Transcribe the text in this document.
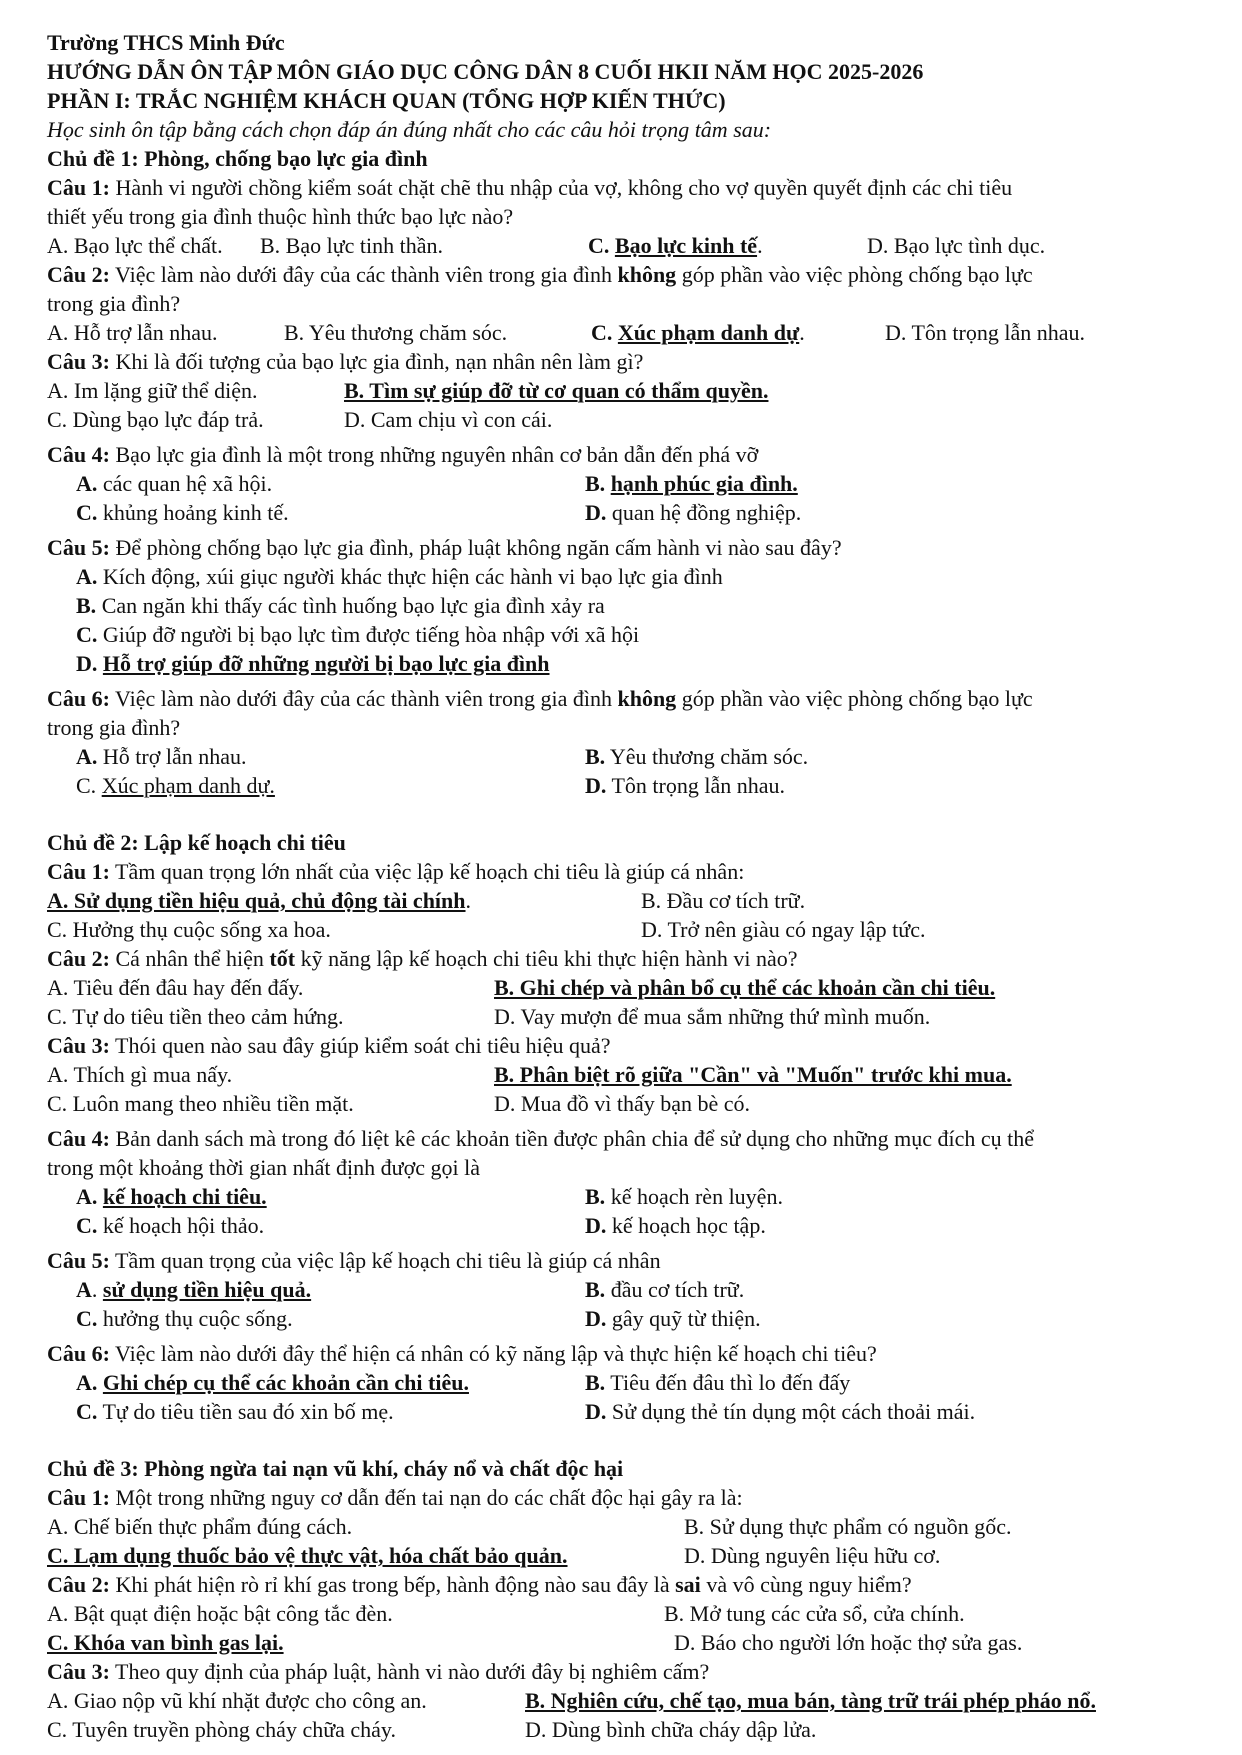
Trường THCS Minh Đức
HƯỚNG DẪN ÔN TẬP MÔN GIÁO DỤC CÔNG DÂN 8 CUỐI HKII NĂM HỌC 2025-2026
PHẦN I: TRẮC NGHIỆM KHÁCH QUAN (TỔNG HỢP KIẾN THỨC)
Học sinh ôn tập bằng cách chọn đáp án đúng nhất cho các câu hỏi trọng tâm sau:
Chủ đề 1: Phòng, chống bạo lực gia đình
Câu 1: Hành vi người chồng kiểm soát chặt chẽ thu nhập của vợ, không cho vợ quyền quyết định các chi tiêu
thiết yếu trong gia đình thuộc hình thức bạo lực nào?
A. Bạo lực thể chất. B. Bạo lực tinh thần.	C. Bạo lực kinh tế.	D. Bạo lực tình dục.
Câu 2: Việc làm nào dưới đây của các thành viên trong gia đình không góp phần vào việc phòng chống bạo lực
trong gia đình?
A. Hỗ trợ lẫn nhau.	B. Yêu thương chăm sóc.	C. Xúc phạm danh dự.	D. Tôn trọng lẫn nhau.
Câu 3: Khi là đối tượng của bạo lực gia đình, nạn nhân nên làm gì?
A. Im lặng giữ thể diện.	B. Tìm sự giúp đỡ từ cơ quan có thẩm quyền.
C. Dùng bạo lực đáp trả.	D. Cam chịu vì con cái.
Câu 4: Bạo lực gia đình là một trong những nguyên nhân cơ bản dẫn đến phá vỡ
A. các quan hệ xã hội.	B. hạnh phúc gia đình.
C. khủng hoảng kinh tế.	D. quan hệ đồng nghiệp.
Câu 5: Để phòng chống bạo lực gia đình, pháp luật không ngăn cấm hành vi nào sau đây?
A. Kích động, xúi giục người khác thực hiện các hành vi bạo lực gia đình
B. Can ngăn khi thấy các tình huống bạo lực gia đình xảy ra
C. Giúp đỡ người bị bạo lực tìm được tiếng hòa nhập với xã hội
D. Hỗ trợ giúp đỡ những người bị bạo lực gia đình
Câu 6: Việc làm nào dưới đây của các thành viên trong gia đình không góp phần vào việc phòng chống bạo lực
trong gia đình?
A. Hỗ trợ lẫn nhau.	B. Yêu thương chăm sóc.
C. Xúc phạm danh dự.	D. Tôn trọng lẫn nhau.
Chủ đề 2: Lập kế hoạch chi tiêu
Câu 1: Tầm quan trọng lớn nhất của việc lập kế hoạch chi tiêu là giúp cá nhân:
A. Sử dụng tiền hiệu quả, chủ động tài chính.	B. Đầu cơ tích trữ.
C. Hưởng thụ cuộc sống xa hoa.	D. Trở nên giàu có ngay lập tức.
Câu 2: Cá nhân thể hiện tốt kỹ năng lập kế hoạch chi tiêu khi thực hiện hành vi nào?
A. Tiêu đến đâu hay đến đấy.	B. Ghi chép và phân bổ cụ thể các khoản cần chi tiêu.
C. Tự do tiêu tiền theo cảm hứng.	D. Vay mượn để mua sắm những thứ mình muốn.
Câu 3: Thói quen nào sau đây giúp kiểm soát chi tiêu hiệu quả?
A. Thích gì mua nấy.	B. Phân biệt rõ giữa "Cần" và "Muốn" trước khi mua.
C. Luôn mang theo nhiều tiền mặt.	D. Mua đồ vì thấy bạn bè có.
Câu 4: Bản danh sách mà trong đó liệt kê các khoản tiền được phân chia để sử dụng cho những mục đích cụ thể
trong một khoảng thời gian nhất định được gọi là
A. kế hoạch chi tiêu.	B. kế hoạch rèn luyện.
C. kế hoạch hội thảo.	D. kế hoạch học tập.
Câu 5: Tầm quan trọng của việc lập kế hoạch chi tiêu là giúp cá nhân
A. sử dụng tiền hiệu quả.	B. đầu cơ tích trữ.
C. hưởng thụ cuộc sống.	D. gây quỹ từ thiện.
Câu 6: Việc làm nào dưới đây thể hiện cá nhân có kỹ năng lập và thực hiện kế hoạch chi tiêu?
A. Ghi chép cụ thể các khoản cần chi tiêu.	B. Tiêu đến đâu thì lo đến đấy
C. Tự do tiêu tiền sau đó xin bố mẹ.	D. Sử dụng thẻ tín dụng một cách thoải mái.
Chủ đề 3: Phòng ngừa tai nạn vũ khí, cháy nổ và chất độc hại
Câu 1: Một trong những nguy cơ dẫn đến tai nạn do các chất độc hại gây ra là:
A. Chế biến thực phẩm đúng cách.	B. Sử dụng thực phẩm có nguồn gốc.
C. Lạm dụng thuốc bảo vệ thực vật, hóa chất bảo quản.	D. Dùng nguyên liệu hữu cơ.
Câu 2: Khi phát hiện rò rỉ khí gas trong bếp, hành động nào sau đây là sai và vô cùng nguy hiểm?
A. Bật quạt điện hoặc bật công tắc đèn.	B. Mở tung các cửa sổ, cửa chính.
C. Khóa van bình gas lại.	D. Báo cho người lớn hoặc thợ sửa gas.
Câu 3: Theo quy định của pháp luật, hành vi nào dưới đây bị nghiêm cấm?
A. Giao nộp vũ khí nhặt được cho công an.	B. Nghiên cứu, chế tạo, mua bán, tàng trữ trái phép pháo nổ.
C. Tuyên truyền phòng cháy chữa cháy.	D. Dùng bình chữa cháy dập lửa.
